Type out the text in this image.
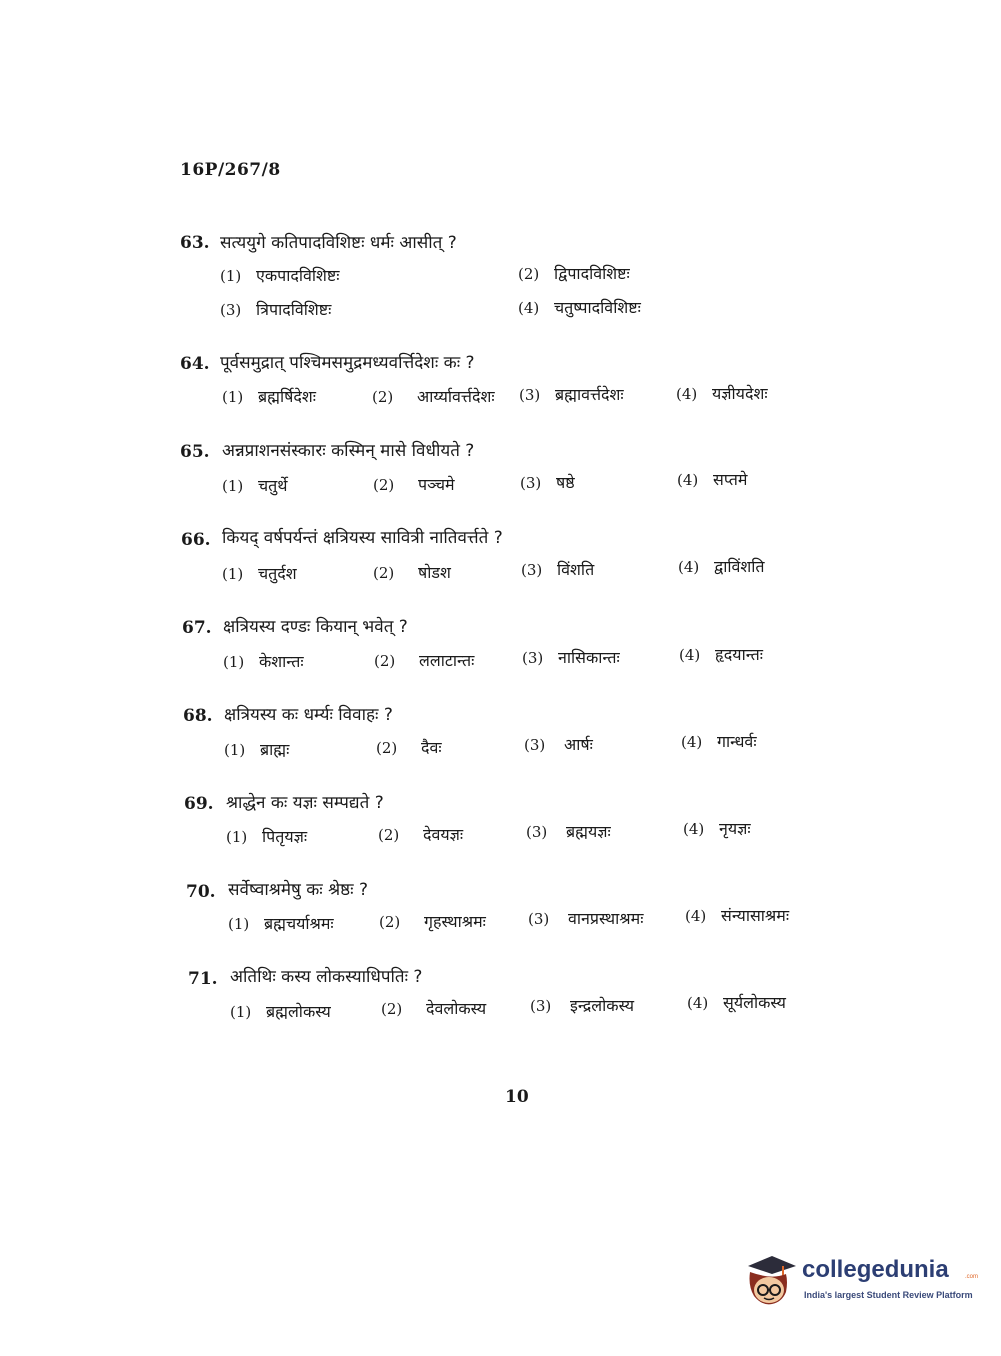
16P/267/8
63. सत्ययुगे कतिपादविशिष्टः धर्मः आसीत् ?
(1) एकपादविशिष्टः	(2) द्विपादविशिष्टः
(3) त्रिपादविशिष्टः	(4) चतुष्पादविशिष्टः
64. पूर्वसमुद्रात् पश्चिमसमुद्रमध्यवर्त्तिदेशः कः ?
(1) ब्रह्मर्षिदेशः	(2) आर्य्यावर्त्तदेशः (3) ब्रह्मावर्त्तदेशः	(4) यज्ञीयदेशः
65. अन्नप्राशनसंस्कारः कस्मिन् मासे विधीयते ?
(1) चतुर्थे	(2) पञ्चमे	(3) षष्ठे	(4) सप्तमे
66. कियद् वर्षपर्यन्तं क्षत्रियस्य सावित्री नातिवर्त्तते ?
(1) चतुर्दश	(2) षोडश	(3) विंशति	(4) द्वाविंशति
67. क्षत्रियस्य दण्डः कियान् भवेत् ?
(1) केशान्तः	(2) ललाटान्तः	(3) नासिकान्तः	(4) हृदयान्तः
68. क्षत्रियस्य कः धर्म्यः विवाहः ?
(1) ब्राह्मः	(2) दैवः	(3) आर्षः	(4) गान्धर्वः
69. श्राद्धेन कः यज्ञः सम्पद्यते ?
(1) पितृयज्ञः	(2) देवयज्ञः	(3) ब्रह्मयज्ञः	(4) नृयज्ञः
70. सर्वेष्वाश्रमेषु कः श्रेष्ठः ?
(1) ब्रह्मचर्याश्रमः	(2) गृहस्थाश्रमः	(3) वानप्रस्थाश्रमः	(4) संन्यासाश्रमः
71. अतिथिः कस्य लोकस्याधिपतिः ?
(1) ब्रह्मलोकस्य	(2) देवलोकस्य	(3) इन्द्रलोकस्य	(4) सूर्यलोकस्य
10
collegedunia	.com
India's largest Student Review Platform
